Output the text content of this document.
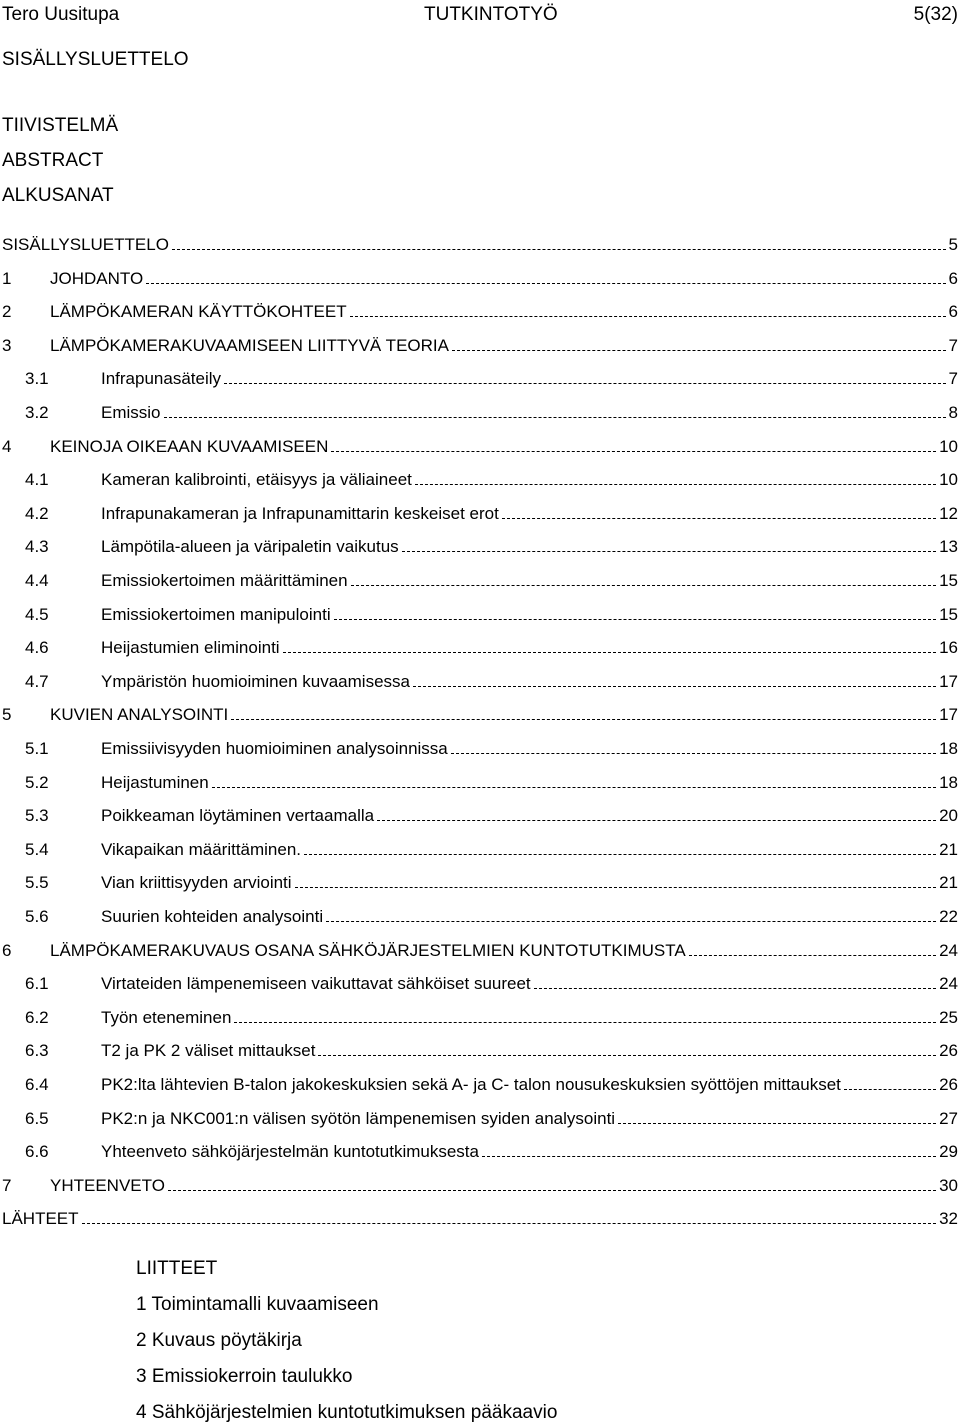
Tero Uusitupa	TUTKINTOTYÖ	5(32)
SISÄLLYSLUETTELO
TIIVISTELMÄ
ABSTRACT
ALKUSANAT
SISÄLLYSLUETTELO	5
1	JOHDANTO	6
2	LÄMPÖKAMERAN KÄYTTÖKOHTEET	6
3	LÄMPÖKAMERAKUVAAMISEEN LIITTYVÄ TEORIA	7
3.1	Infrapunasäteily	7
3.2	Emissio	8
4	KEINOJA OIKEAAN KUVAAMISEEN	10
4.1	Kameran kalibrointi, etäisyys ja väliaineet	10
4.2	Infrapunakameran ja Infrapunamittarin keskeiset erot	12
4.3	Lämpötila-alueen ja väripaletin vaikutus	13
4.4	Emissiokertoimen määrittäminen	15
4.5	Emissiokertoimen manipulointi	15
4.6	Heijastumien eliminointi	16
4.7	Ympäristön huomioiminen kuvaamisessa	17
5	KUVIEN ANALYSOINTI	17
5.1	Emissiivisyyden huomioiminen analysoinnissa	18
5.2	Heijastuminen	18
5.3	Poikkeaman löytäminen vertaamalla	20
5.4	Vikapaikan määrittäminen.	21
5.5	Vian kriittisyyden arviointi	21
5.6	Suurien kohteiden analysointi	22
6	LÄMPÖKAMERAKUVAUS OSANA SÄHKÖJÄRJESTELMIEN KUNTOTUTKIMUSTA	24
6.1	Virtateiden lämpenemiseen vaikuttavat sähköiset suureet	24
6.2	Työn eteneminen	25
6.3	T2 ja PK 2 väliset mittaukset	26
6.4	PK2:lta lähtevien B-talon jakokeskuksien sekä A- ja C- talon nousukeskuksien syöttöjen mittaukset	26
6.5	PK2:n ja NKC001:n välisen syötön lämpenemisen syiden analysointi	27
6.6	Yhteenveto sähköjärjestelmän kuntotutkimuksesta	29
7	YHTEENVETO	30
LÄHTEET	32
LIITTEET
1 Toimintamalli kuvaamiseen
2 Kuvaus pöytäkirja
3 Emissiokerroin taulukko
4 Sähköjärjestelmien kuntotutkimuksen pääkaavio
